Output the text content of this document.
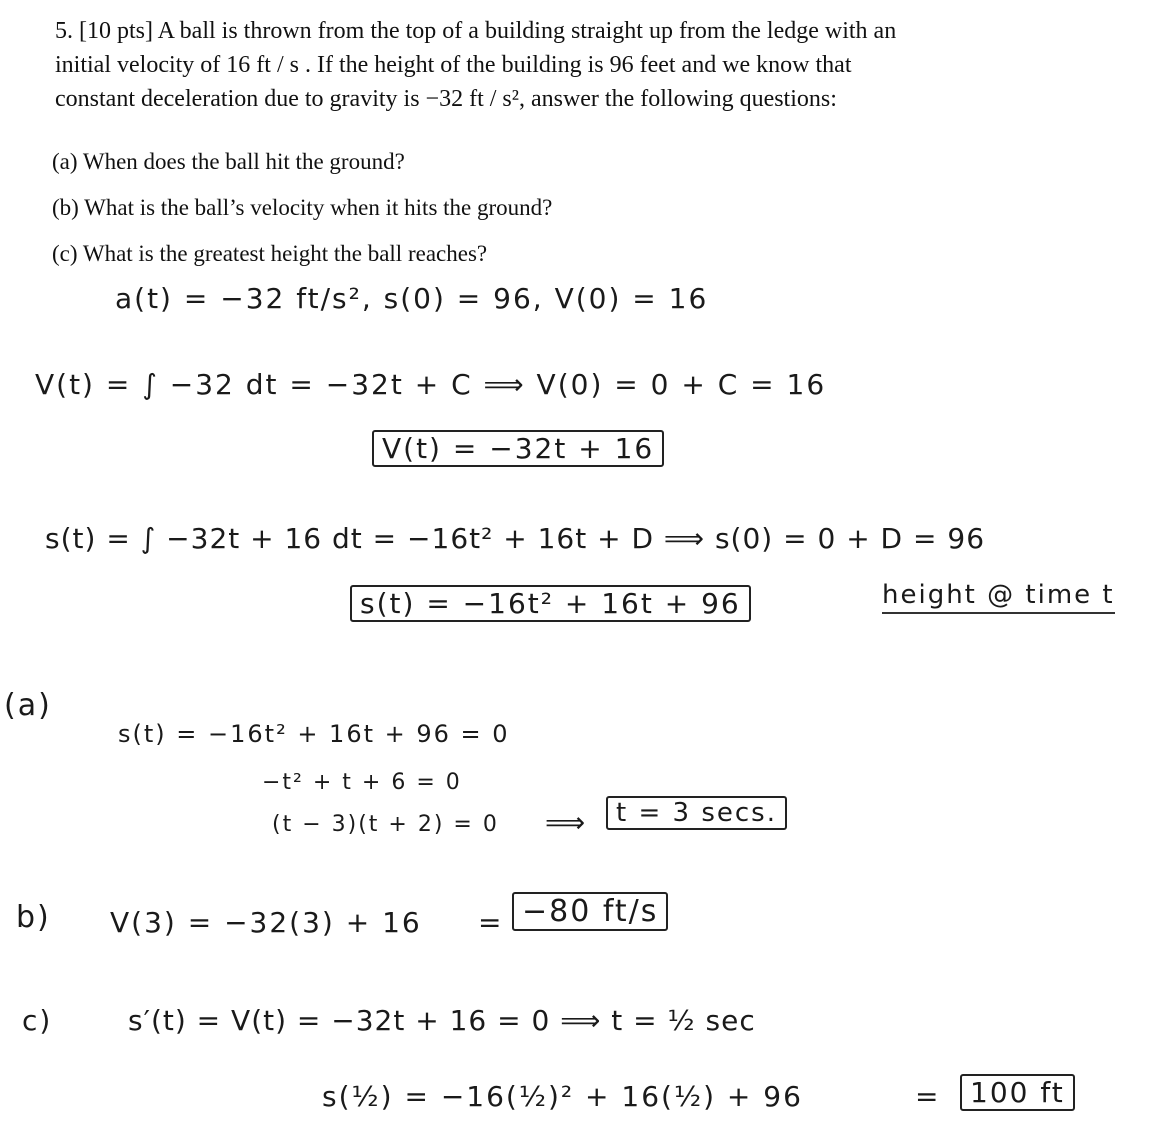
5. [10 pts] A ball is thrown from the top of a building straight up from the ledge with an
initial velocity of 16 ft / s . If the height of the building is 96 feet and we know that
constant deceleration due to gravity is −32 ft / s², answer the following questions:
(a) When does the ball hit the ground?
(b) What is the ball’s velocity when it hits the ground?
(c) What is the greatest height the ball reaches?
a(t) = −32 ft/s², s(0) = 96, V(0) = 16
V(t) = ∫ −32 dt = −32t + C ⟹ V(0) = 0 + C = 16
V(t) = −32t + 16
s(t) = ∫ −32t + 16 dt = −16t² + 16t + D ⟹ s(0) = 0 + D = 96
s(t) = −16t² + 16t + 96	height @ time t
(a)
s(t) = −16t² + 16t + 96 = 0
−t² + t + 6 = 0
(t − 3)(t + 2) = 0 ⟹	t = 3 secs.
b) V(3) = −32(3) + 16 = −80 ft/s
c)	s′(t) = V(t) = −32t + 16 = 0 ⟹ t = ½ sec
s(½) = −16(½)² + 16(½) + 96	=	100 ft
